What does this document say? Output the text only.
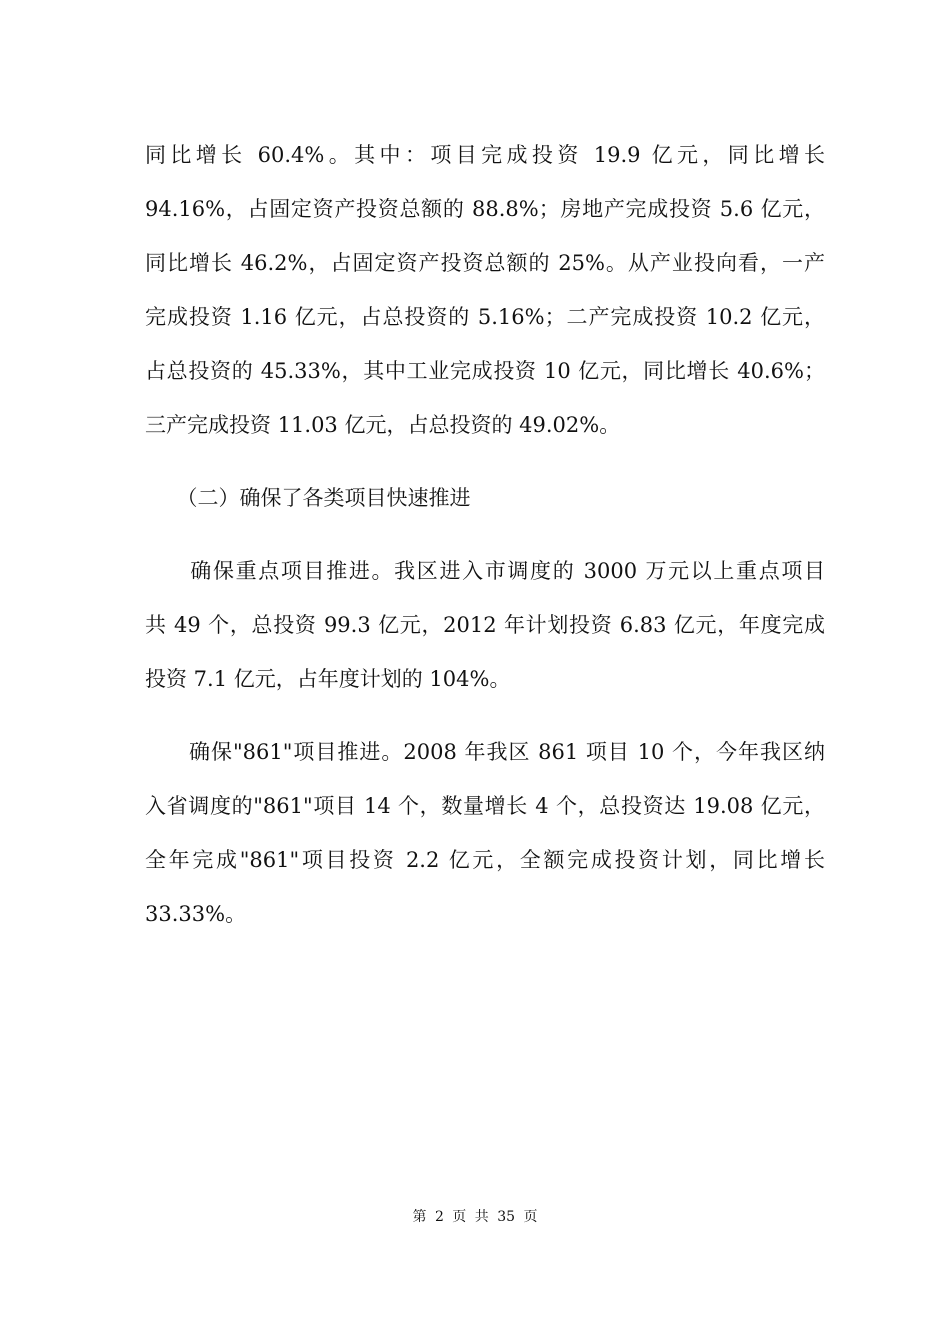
同比增长 60.4%。其中：项目完成投资 19.9 亿元，同比增长
94.16%，占固定资产投资总额的 88.8%；房地产完成投资 5.6 亿元，
同比增长 46.2%，占固定资产投资总额的 25%。从产业投向看，一产
完成投资 1.16 亿元，占总投资的 5.16%；二产完成投资 10.2 亿元，
占总投资的 45.33%，其中工业完成投资 10 亿元，同比增长 40.6%；
三产完成投资 11.03 亿元，占总投资的 49.02%。
　　（二）确保了各类项目快速推进
　　确保重点项目推进。我区进入市调度的 3000 万元以上重点项目
共 49 个，总投资 99.3 亿元，2012 年计划投资 6.83 亿元，年度完成
投资 7.1 亿元，占年度计划的 104%。
　　确保"861"项目推进。2008 年我区 861 项目 10 个，今年我区纳
入省调度的"861"项目 14 个，数量增长 4 个，总投资达 19.08 亿元，
全年完成"861"项目投资 2.2 亿元，全额完成投资计划，同比增长
33.33%。
第 2 页 共 35 页
